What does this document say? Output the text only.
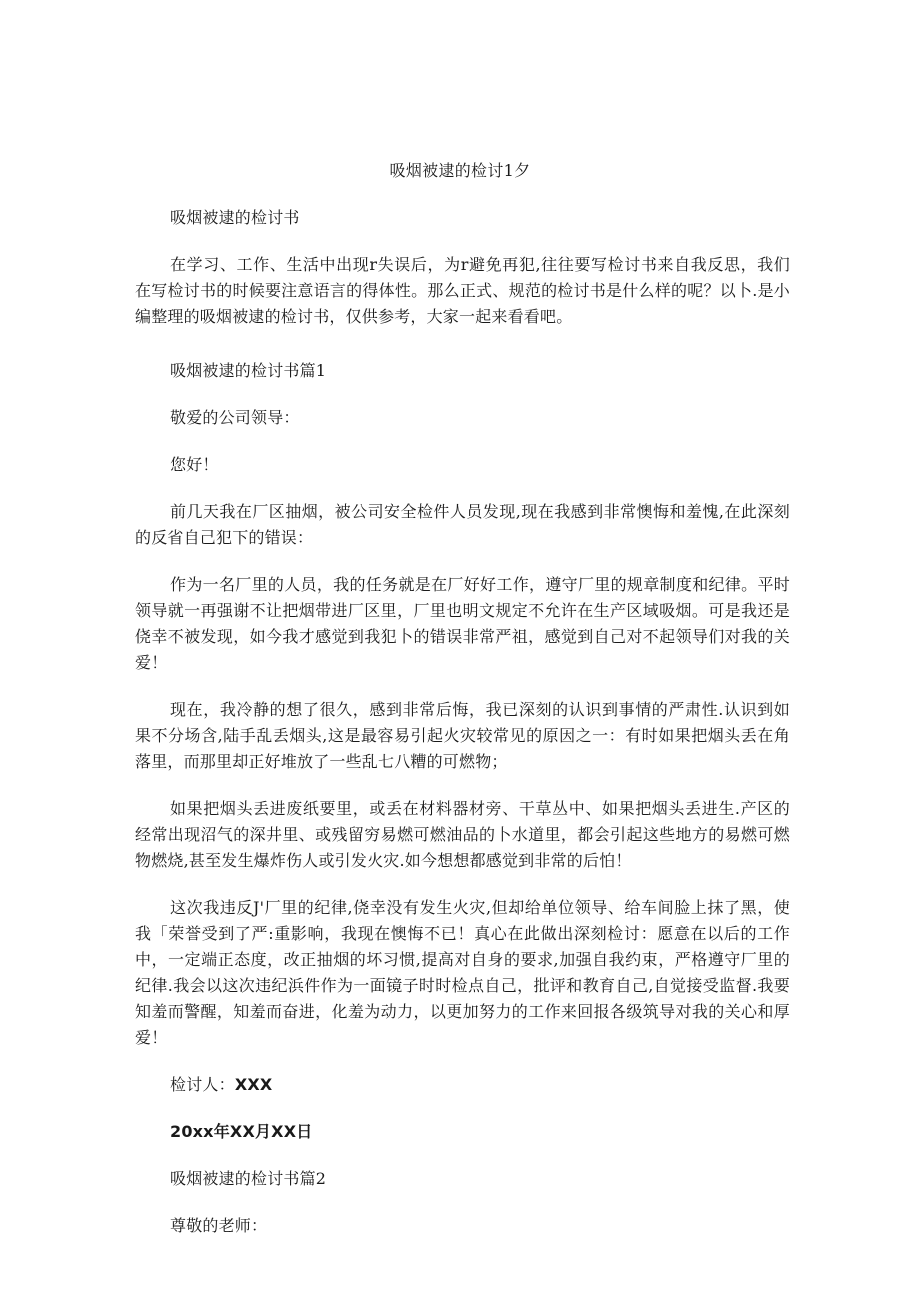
吸烟被逮的检讨1夕

吸烟被逮的检讨书

在学习、工作、生活中出现r失误后，为r避免再犯,往往要写检讨书来自我反思，我们在写检讨书的时候要注意语言的得体性。那么正式、规范的检讨书是什么样的呢？以卜.是小编整理的吸烟被逮的检讨书，仅供参考，大家一起来看看吧。

吸烟被逮的检讨书篇1

敬爱的公司领导：

您好！

前几天我在厂区抽烟，被公司安全检件人员发现,现在我感到非常懊悔和羞愧,在此深刻的反省自己犯下的错误：

作为一名厂里的人员，我的任务就是在厂好好工作，遵守厂里的规章制度和纪律。平时领导就一再强谢不让把烟带进厂区里，厂里也明文规定不允许在生产区域吸烟。可是我还是侥幸不被发现，如今我才感觉到我犯卜的错误非常严祖，感觉到自己对不起领导们对我的关爱！

现在，我冷静的想了很久，感到非常后悔，我已深刻的认识到事情的严肃性.认识到如果不分场含,陆手乱丢烟头,这是最容易引起火灾较常见的原因之一：有时如果把烟头丢在角落里，而那里却正好堆放了一些乱七八糟的可燃物；

如果把烟头丢进废纸要里，或丢在材料器材旁、干草丛中、如果把烟头丢进生.产区的经常出现沼气的深井里、或残留穷易燃可燃油品的卜水道里，都会引起这些地方的易燃可燃物燃烧,甚至发生爆炸伤人或引发火灾.如今想想都感觉到非常的后怕！

这次我违反J'厂里的纪律,侥幸没有发生火灾,但却给单位领导、给车间脸上抹了黑，使我「荣誉受到了严:重影响，我现在懊悔不已！真心在此做出深刻检讨：愿意在以后的工作中，一定端正态度，改正抽烟的坏习惯,提高对自身的要求,加强自我约束，严格遵守厂里的纪律.我会以这次违纪浜件作为一面镜子时时检点自己，批评和教育自己,自觉接受监督.我要知羞而警醒，知羞而奋进，化羞为动力，以更加努力的工作来回报各级筑导对我的关心和厚爱！

检讨人：XXX

20xx年XX月XX日

吸烟被逮的检讨书篇2

尊敬的老师：
